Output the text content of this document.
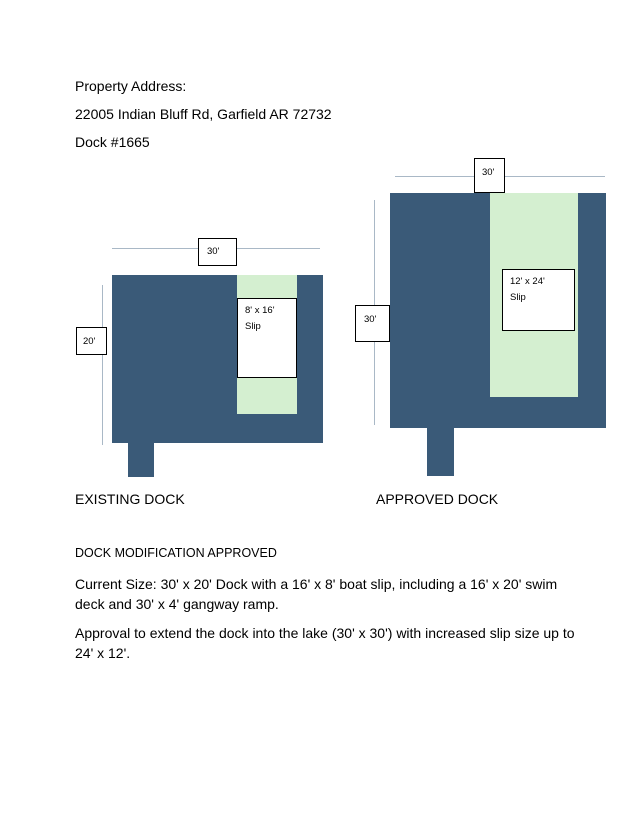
Property Address:
22005 Indian Bluff Rd, Garfield AR 72732
Dock #1665
30'
20'
8' x 16'
Slip
EXISTING DOCK
30'
30'
12' x 24'
Slip
APPROVED DOCK
DOCK MODIFICATION APPROVED
Current Size: 30' x 20' Dock with a 16' x 8' boat slip, including a 16' x 20' swim deck and 30' x 4' gangway ramp.
Approval to extend the dock into the lake (30' x 30') with increased slip size up to 24' x 12'.
